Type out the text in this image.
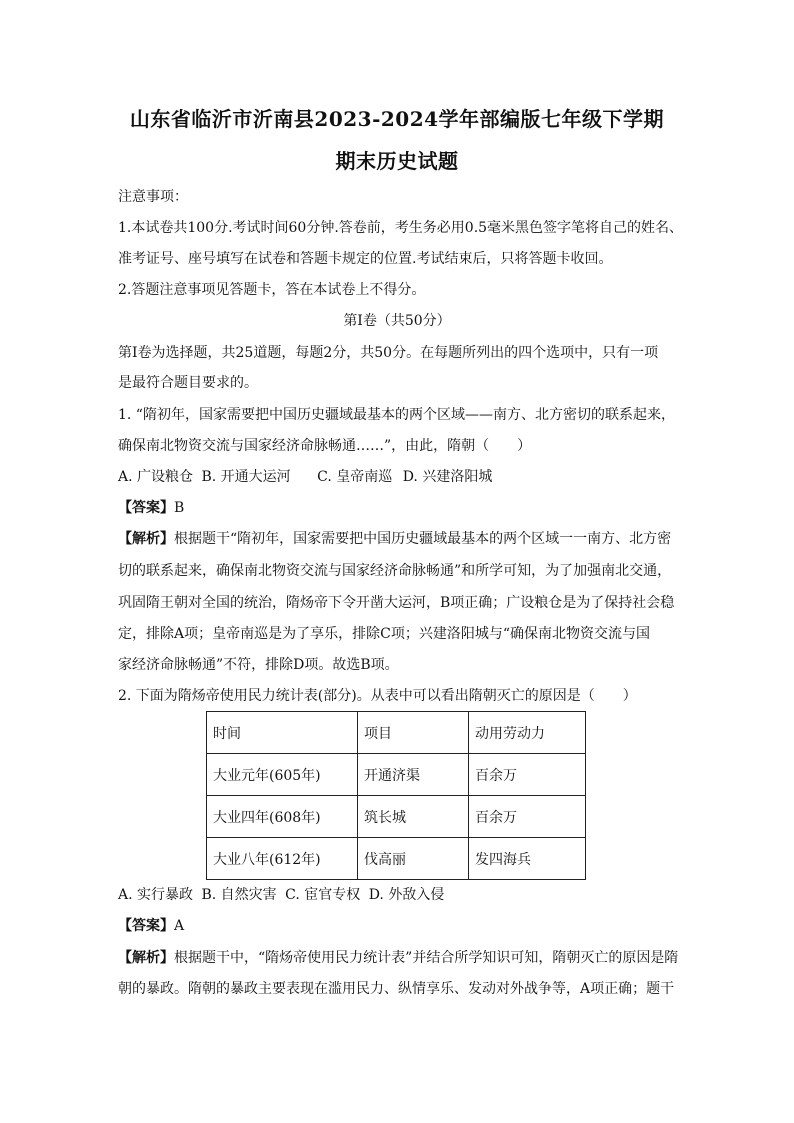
山东省临沂市沂南县2023-2024学年部编版七年级下学期
期末历史试题
注意事项：
1.本试卷共100分.考试时间60分钟.答卷前，考生务必用0.5毫米黑色签字笔将自己的姓名、
准考证号、座号填写在试卷和答题卡规定的位置.考试结束后，只将答题卡收回。
2.答题注意事项见答题卡，答在本试卷上不得分。
第Ⅰ卷（共50分）
第Ⅰ卷为选择题，共25道题，每题2分，共50分。在每题所列出的四个选项中，只有一项
是最符合题目要求的。
1. “隋初年，国家需要把中国历史疆域最基本的两个区域——南方、北方密切的联系起来，
确保南北物资交流与国家经济命脉畅通……”，由此，隋朝（　　）
A. 广设粮仓 B. 开通大运河 C. 皇帝南巡 D. 兴建洛阳城
【答案】B
【解析】根据题干“隋初年，国家需要把中国历史疆域最基本的两个区域一一南方、北方密
切的联系起来，确保南北物资交流与国家经济命脉畅通”和所学可知，为了加强南北交通，
巩固隋王朝对全国的统治，隋炀帝下令开凿大运河，B项正确；广设粮仓是为了保持社会稳
定，排除A项；皇帝南巡是为了享乐，排除C项；兴建洛阳城与“确保南北物资交流与国
家经济命脉畅通”不符，排除D项。故选B项。
2. 下面为隋炀帝使用民力统计表(部分)。从表中可以看出隋朝灭亡的原因是（　　）
时间	项目	动用劳动力
大业元年(605年)	开通济渠	百余万
大业四年(608年)	筑长城	百余万
大业八年(612年)	伐高丽	发四海兵
A. 实行暴政 B. 自然灾害 C. 宦官专权 D. 外敌入侵
【答案】A
【解析】根据题干中，“隋炀帝使用民力统计表”并结合所学知识可知，隋朝灭亡的原因是隋
朝的暴政。隋朝的暴政主要表现在滥用民力、纵情享乐、发动对外战争等，A项正确；题干
